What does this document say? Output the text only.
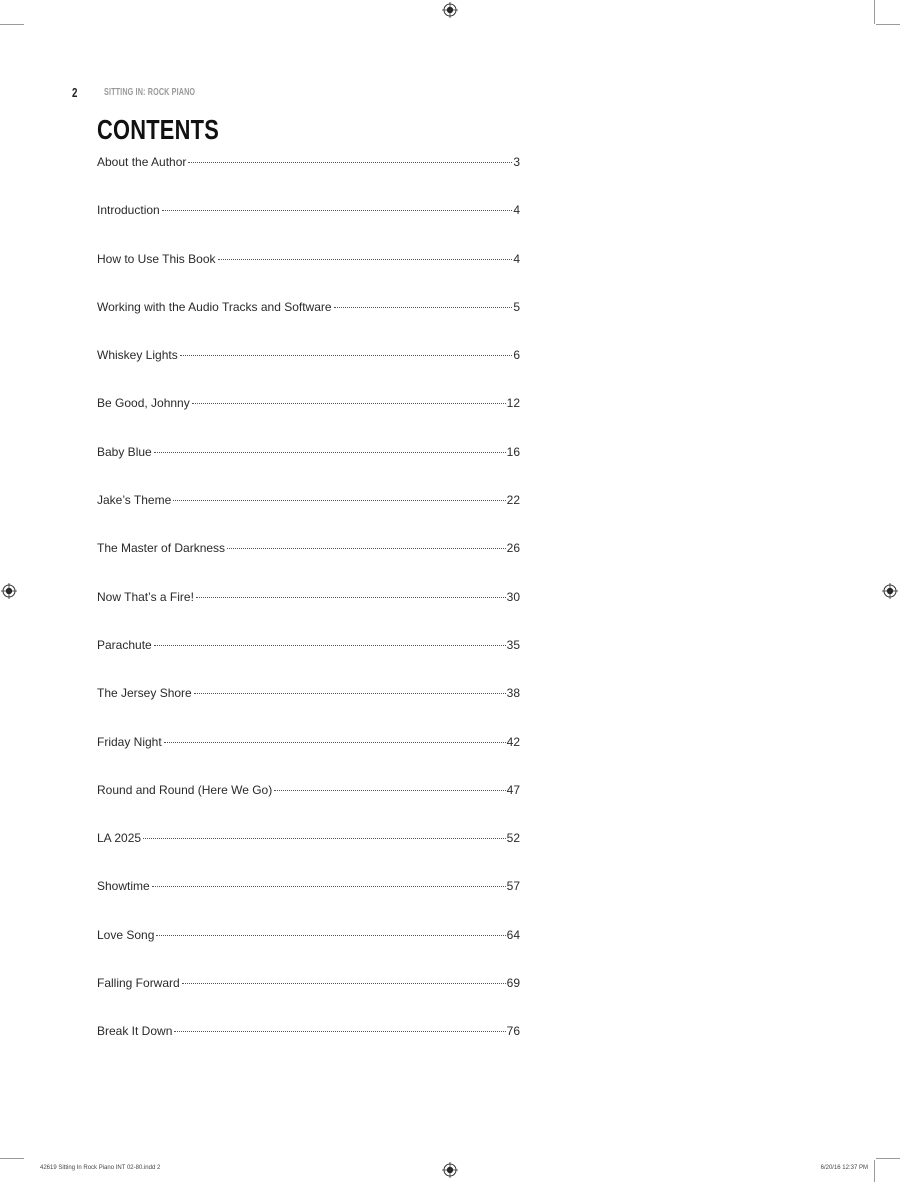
2	SITTING IN: ROCK PIANO
CONTENTS
About the Author	3
Introduction	4
How to Use This Book	4
Working with the Audio Tracks and Software	5
Whiskey Lights	6
Be Good, Johnny	12
Baby Blue	16
Jake’s Theme	22
The Master of Darkness	26
Now That’s a Fire!	30
Parachute	35
The Jersey Shore	38
Friday Night	42
Round and Round (Here We Go)	47
LA 2025	52
Showtime	57
Love Song	64
Falling Forward	69
Break It Down	76
42619 Sitting In Rock Piano INT 02-80.indd 2	6/20/16 12:37 PM
